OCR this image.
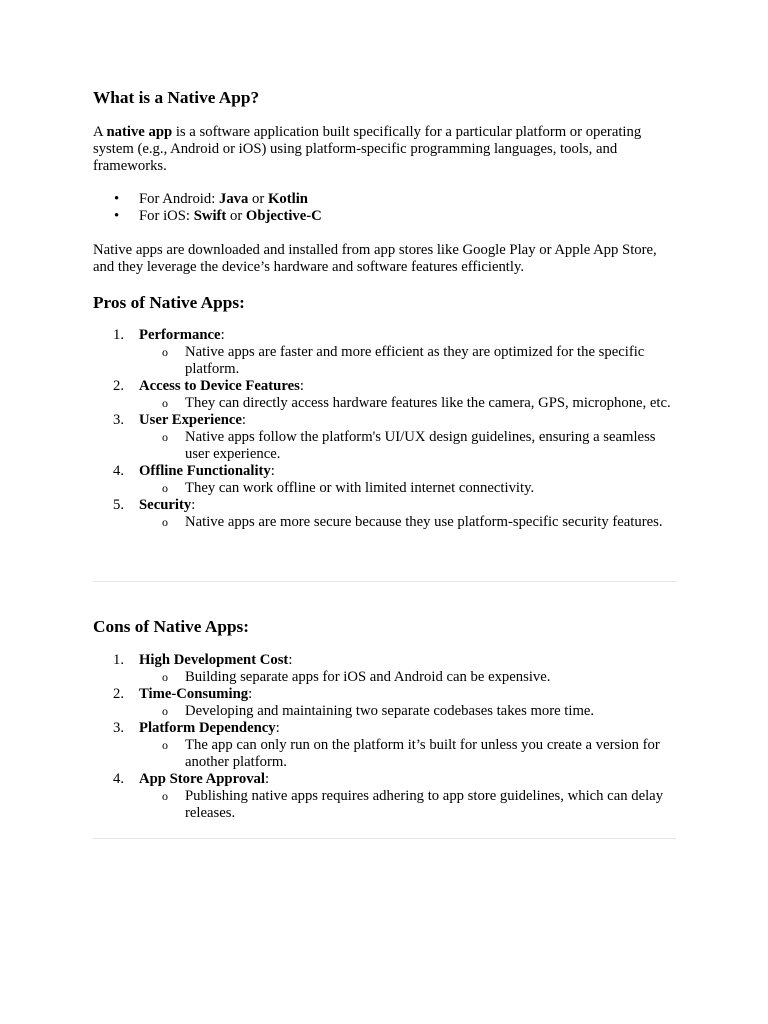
What is a Native App?

A native app is a software application built specifically for a particular platform or operating system (e.g., Android or iOS) using platform-specific programming languages, tools, and frameworks.

• For Android: Java or Kotlin
• For iOS: Swift or Objective-C

Native apps are downloaded and installed from app stores like Google Play or Apple App Store, and they leverage the device’s hardware and software features efficiently.

Pros of Native Apps:
1. Performance:
o Native apps are faster and more efficient as they are optimized for the specific platform.
2. Access to Device Features:
o They can directly access hardware features like the camera, GPS, microphone, etc.
3. User Experience:
o Native apps follow the platform's UI/UX design guidelines, ensuring a seamless user experience.
4. Offline Functionality:
o They can work offline or with limited internet connectivity.
5. Security:
o Native apps are more secure because they use platform-specific security features.
Cons of Native Apps:
1. High Development Cost:
o Building separate apps for iOS and Android can be expensive.
2. Time-Consuming:
o Developing and maintaining two separate codebases takes more time.
3. Platform Dependency:
o The app can only run on the platform it’s built for unless you create a version for another platform.
4. App Store Approval:
o Publishing native apps requires adhering to app store guidelines, which can delay releases.
